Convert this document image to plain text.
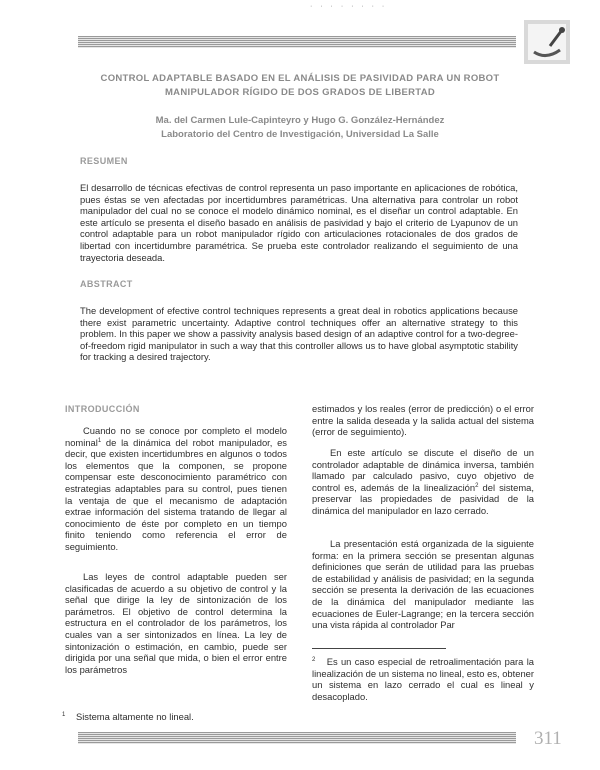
· · · · · · · ·
CONTROL ADAPTABLE BASADO EN EL ANÁLISIS DE PASIVIDAD PARA UN ROBOT
MANIPULADOR RÍGIDO DE DOS GRADOS DE LIBERTAD
Ma. del Carmen Lule-Capinteyro y Hugo G. González-Hernández
Laboratorio del Centro de Investigación, Universidad La Salle
RESUMEN

El desarrollo de técnicas efectivas de control representa un paso importante en aplicaciones de robótica, pues éstas se ven afectadas por incertidumbres paramétricas. Una alternativa para controlar un robot manipulador del cual no se conoce el modelo dinámico nominal, es el diseñar un control adaptable. En este artículo se presenta el diseño basado en análisis de pasividad y bajo el criterio de Lyapunov de un control adaptable para un robot manipulador rígido con articulaciones rotacionales de dos grados de libertad con incertidumbre paramétrica. Se prueba este controlador realizando el seguimiento de una trayectoria deseada.

ABSTRACT

The development of efective control techniques represents a great deal in robotics applications because there exist parametric uncertainty. Adaptive control techniques offer an alternative strategy to this problem. In this paper we show a passivity analysis based design of an adaptive control for a two-degree-of-freedom rigid manipulator in such a way that this controller allows us to have global asymptotic stability for tracking a desired trajectory.

INTRODUCCIÓN

Cuando no se conoce por completo el modelo nominal$^1$ de la dinámica del robot manipulador, es decir, que existen incertidumbres en algunos o todos los elementos que la componen, se propone compensar este desconocimiento paramétrico con estrategias adaptables para su control, pues tienen la ventaja de que el mecanismo de adaptación extrae información del sistema tratando de llegar al conocimiento de éste por completo en un tiempo finito teniendo como referencia el error de seguimiento.

Las leyes de control adaptable pueden ser clasificadas de acuerdo a su objetivo de control y la señal que dirige la ley de sintonización de los parámetros. El objetivo de control determina la estructura en el controlador de los parámetros, los cuales van a ser sintonizados en línea. La ley de sintonización o estimación, en cambio, puede ser dirigida por una señal que mida, o bien el error entre los parámetros

$^1$ Sistema altamente no lineal.

estimados y los reales (error de predicción) o el error entre la salida deseada y la salida actual del sistema (error de seguimiento).

En este artículo se discute el diseño de un controlador adaptable de dinámica inversa, también llamado par calculado pasivo, cuyo objetivo de control es, además de la linealización$^2$ del sistema, preservar las propiedades de pasividad de la dinámica del manipulador en lazo cerrado.

La presentación está organizada de la siguiente forma: en la primera sección se presentan algunas definiciones que serán de utilidad para las pruebas de estabilidad y análisis de pasividad; en la segunda sección se presenta la derivación de las ecuaciones de la dinámica del manipulador mediante las ecuaciones de Euler-Lagrange; en la tercera sección una vista rápida al controlador Par

$^2$ Es un caso especial de retroalimentación para la linealización de un sistema no lineal, esto es, obtener un sistema en lazo cerrado el cual es lineal y desacoplado.
311
